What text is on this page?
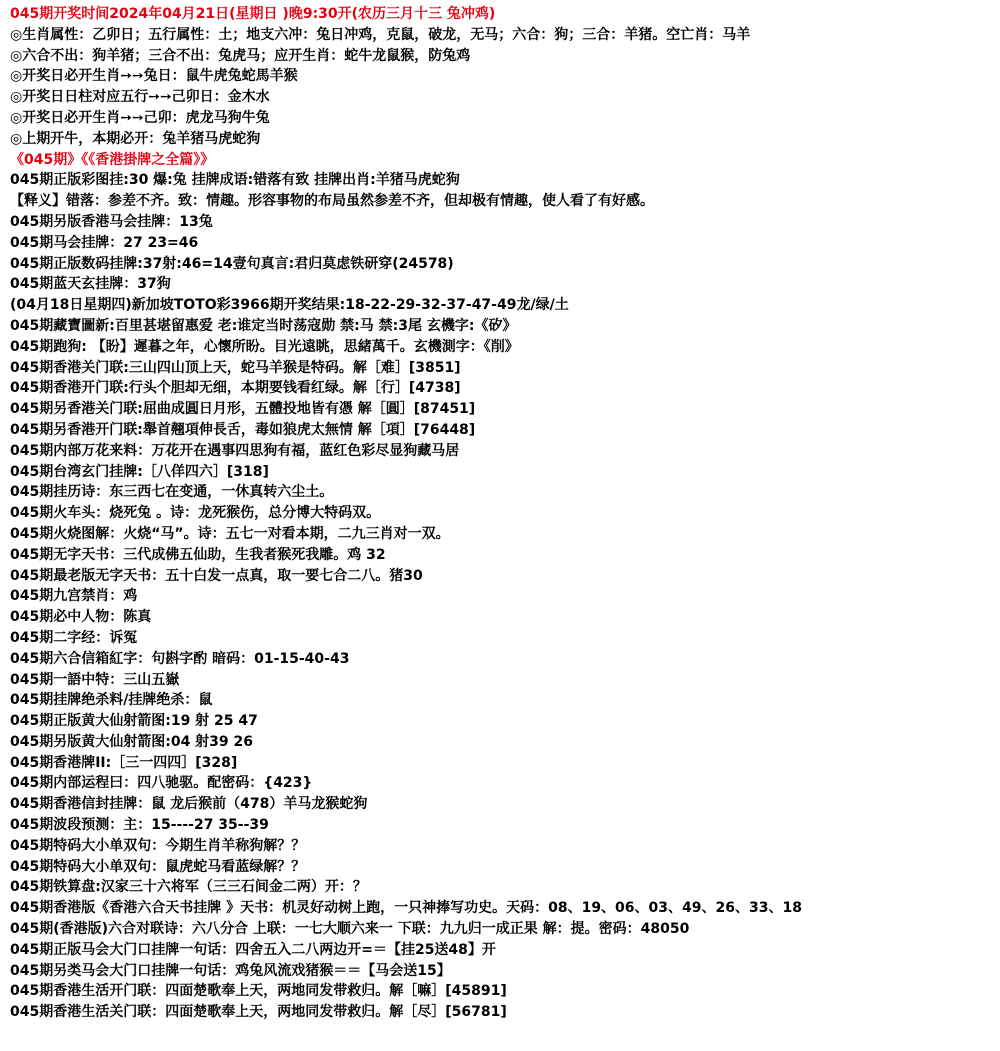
045期开奖时间2024年04月21日(星期日 )晚9:30开(农历三月十三 兔冲鸡)
◎生肖属性：乙卯日；五行属性：土；地支六冲：兔日冲鸡，克鼠，破龙，无马；六合：狗；三合：羊猪。空亡肖：马羊
◎六合不出：狗羊猪；三合不出：兔虎马；应开生肖：蛇牛龙鼠猴，防兔鸡
◎开奖日必开生肖➙➙兔日：鼠牛虎兔蛇馬羊猴
◎开奖日日柱对应五行➙➙己卯日：金木水
◎开奖日必开生肖➙➙己卯：虎龙马狗牛兔
◎上期开牛，本期必开：兔羊猪马虎蛇狗
《045期》《《香港掛牌之全篇》》
045期正版彩图挂:30 爆:兔 挂牌成语:错落有致 挂牌出肖:羊猪马虎蛇狗
【释义】错落：参差不齐。致：情趣。形容事物的布局虽然参差不齐，但却极有情趣，使人看了有好感。
045期另版香港马会挂牌：13兔
045期马会挂牌：27 23=46
045期正版数码挂牌:37射:46=14壹句真言:君归莫虑铁研穿(24578)
045期蓝天玄挂牌：37狗
(04月18日星期四)新加坡TOTO彩3966期开奖结果:18-22-29-32-37-47-49龙/绿/土
045期藏寶圖新:百里甚堪留惠爱 老:谁定当时荡寇勋 禁:马 禁:3尾 玄機字:《矽》
045期跑狗: 【盼】遲暮之年，心懷所盼。目光遠眺，思緒萬千。玄機測字：《削》
045期香港关门联:三山四山顶上天，蛇马羊猴是特码。解［难］[3851]
045期香港开门联:行头个胆却无细，本期要钱看红绿。解［行］[4738]
045期另香港关门联:屈曲成圓日月形，五體投地皆有憑 解［圓］[87451]
045期另香港开门联:舉首翹項伸長舌，毒如狼虎太無情 解［項］[76448]
045期内部万花来料：万花开在遇事四思狗有福，蓝红色彩尽显狗藏马居
045期台湾玄门挂牌:［八佯四六］[318]
045期挂历诗：东三西七在变通，一休真转六尘土。
045期火车头：烧死兔 。诗：龙死猴伤，总分博大特码双。
045期火烧图解：火烧“马”。诗：五七一对看本期，二九三肖对一双。
045期无字天书：三代成佛五仙助，生我者猴死我雕。鸡 32
045期最老版无字天书：五十白发一点真，取一要七合二八。猪30
045期九宫禁肖：鸡
045期必中人物：陈真
045期二字经：诉冤
045期六合信箱紅字：句斟字酌 暗码：01-15-40-43
045期一語中特：三山五嶽
045期挂牌绝杀料/挂牌绝杀：鼠
045期正版黄大仙射箭图:19 射 25 47
045期另版黄大仙射箭图:04 射39 26
045期香港牌II:［三一四四］[328]
045期内部运程曰：四八驰驱。配密码：{423}
045期香港信封挂牌：鼠 龙后猴前（478）羊马龙猴蛇狗
045期波段预测：主：15----27 35--39
045期特码大小单双句：今期生肖羊称狗解？？
045期特码大小单双句：鼠虎蛇马看蓝绿解？？
045期铁算盘:汉家三十六将军（三三石间金二两）开：？
045期香港版《香港六合天书挂牌 》天书：机灵好动树上跑，一只神捧写功史。天码：08、19、06、03、49、26、33、18
045期(香港版)六合对联诗：六八分合 上联：一七大顺六来一 下联：九九归一成正果 解：提。密码：48050
045期正版马会大门口挂牌一句话：四舍五入二八两边开=＝【挂25送48】开
045期另类马会大门口挂牌一句话：鸡兔风流戏猪猴＝＝【马会送15】
045期香港生活开门联：四面楚歌奉上天，两地同发带救归。解［嘛］[45891]
045期香港生活关门联：四面楚歌奉上天，两地同发带救归。解［尽］[56781]
